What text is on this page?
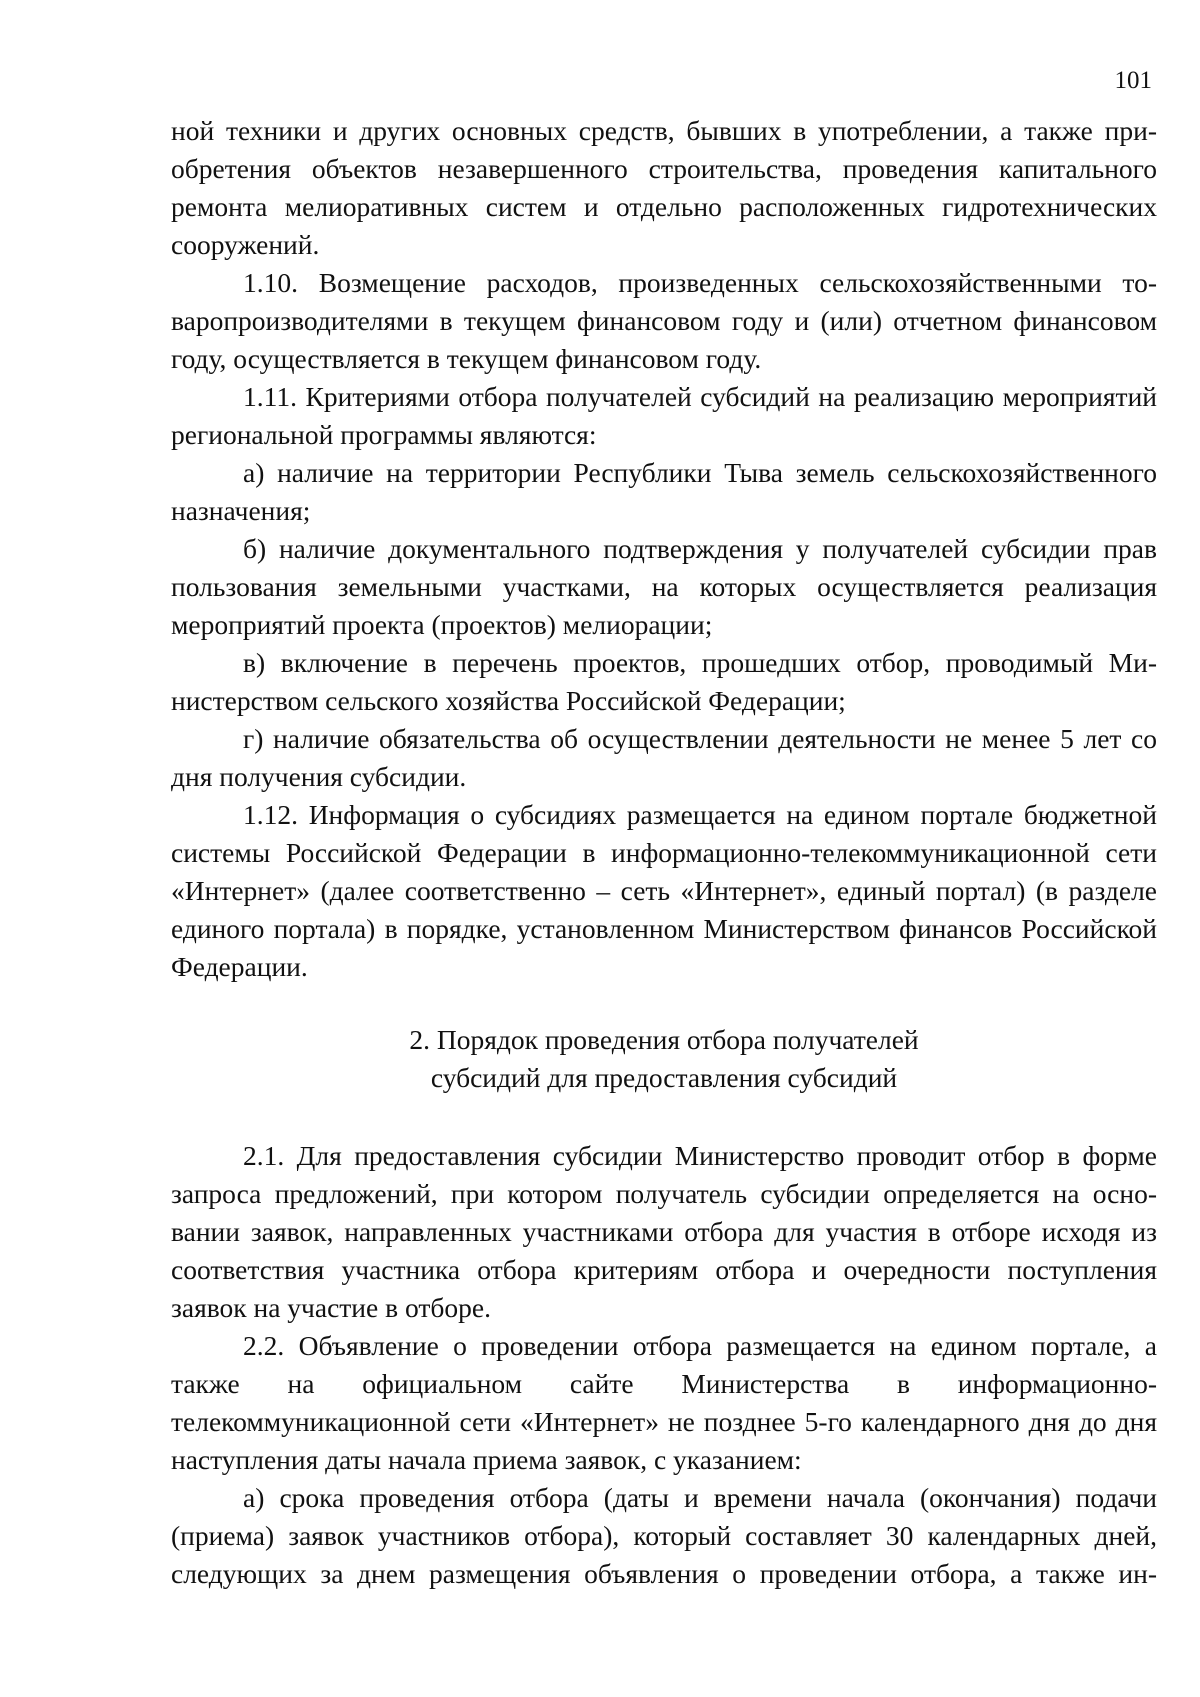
101

ной техники и других основных средств, бывших в употреблении, а также приобретения объектов незавершенного строительства, проведения капитального ремонта мелиоративных систем и отдельно расположенных гидротехнических сооружений.

1.10. Возмещение расходов, произведенных сельскохозяйственными товаропроизводителями в текущем финансовом году и (или) отчетном финансовом году, осуществляется в текущем финансовом году.

1.11. Критериями отбора получателей субсидий на реализацию мероприятий региональной программы являются:

а) наличие на территории Республики Тыва земель сельскохозяйственного назначения;

б) наличие документального подтверждения у получателей субсидии прав пользования земельными участками, на которых осуществляется реализация мероприятий проекта (проектов) мелиорации;

в) включение в перечень проектов, прошедших отбор, проводимый Министерством сельского хозяйства Российской Федерации;

г) наличие обязательства об осуществлении деятельности не менее 5 лет со дня получения субсидии.

1.12. Информация о субсидиях размещается на едином портале бюджетной системы Российской Федерации в информационно-телекоммуникационной сети «Интернет» (далее соответственно – сеть «Интернет», единый портал) (в разделе единого портала) в порядке, установленном Министерством финансов Российской Федерации.

2. Порядок проведения отбора получателей
субсидий для предоставления субсидий

2.1. Для предоставления субсидии Министерство проводит отбор в форме запроса предложений, при котором получатель субсидии определяется на основании заявок, направленных участниками отбора для участия в отборе исходя из соответствия участника отбора критериям отбора и очередности поступления заявок на участие в отборе.

2.2. Объявление о проведении отбора размещается на едином портале, а также на официальном сайте Министерства в информационно-телекоммуникационной сети «Интернет» не позднее 5-го календарного дня до дня наступления даты начала приема заявок, с указанием:

а) срока проведения отбора (даты и времени начала (окончания) подачи (приема) заявок участников отбора), который составляет 30 календарных дней, следующих за днем размещения объявления о проведении отбора, а также ин-
